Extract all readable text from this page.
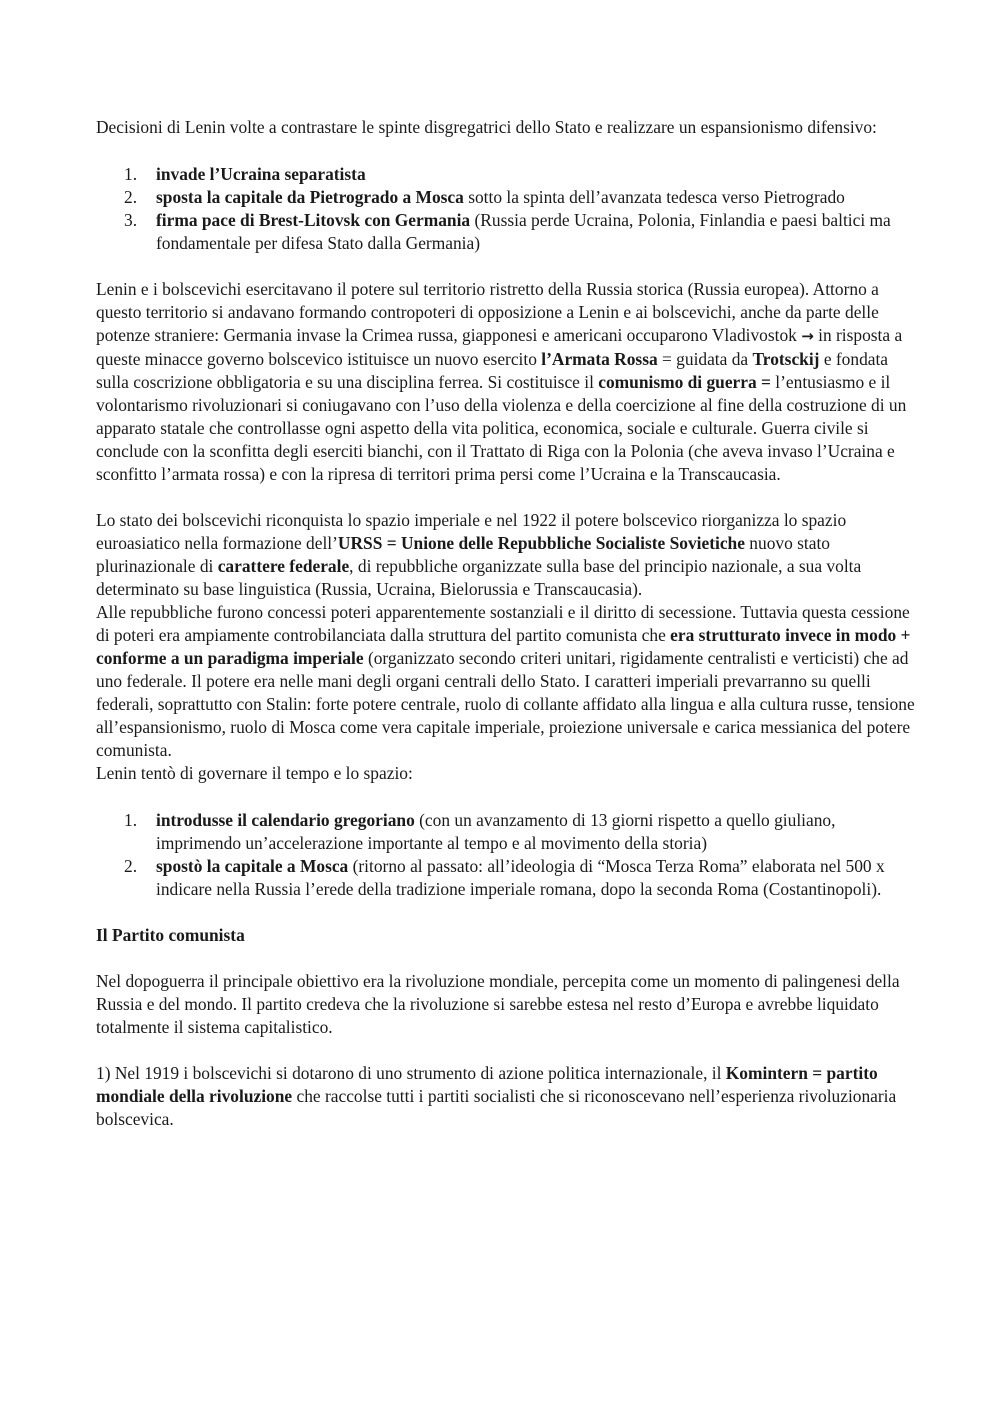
Decisioni di Lenin volte a contrastare le spinte disgregatrici dello Stato e realizzare un espansionismo difensivo:

1. invade l’Ucraina separatista
2. sposta la capitale da Pietrogrado a Mosca sotto la spinta dell’avanzata tedesca verso Pietrogrado
3. firma pace di Brest-Litovsk con Germania (Russia perde Ucraina, Polonia, Finlandia e paesi baltici ma fondamentale per difesa Stato dalla Germania)

Lenin e i bolscevichi esercitavano il potere sul territorio ristretto della Russia storica (Russia europea). Attorno a questo territorio si andavano formando contropoteri di opposizione a Lenin e ai bolscevichi, anche da parte delle potenze straniere: Germania invase la Crimea russa, giapponesi e americani occuparono Vladivostok → in risposta a queste minacce governo bolscevico istituisce un nuovo esercito l’Armata Rossa = guidata da Trotsckij e fondata sulla coscrizione obbligatoria e su una disciplina ferrea. Si costituisce il comunismo di guerra = l’entusiasmo e il volontarismo rivoluzionari si coniugavano con l’uso della violenza e della coercizione al fine della costruzione di un apparato statale che controllasse ogni aspetto della vita politica, economica, sociale e culturale. Guerra civile si conclude con la sconfitta degli eserciti bianchi, con il Trattato di Riga con la Polonia (che aveva invaso l’Ucraina e sconfitto l’armata rossa) e con la ripresa di territori prima persi come l’Ucraina e la Transcaucasia.

Lo stato dei bolscevichi riconquista lo spazio imperiale e nel 1922 il potere bolscevico riorganizza lo spazio euroasiatico nella formazione dell’URSS = Unione delle Repubbliche Socialiste Sovietiche nuovo stato plurinazionale di carattere federale, di repubbliche organizzate sulla base del principio nazionale, a sua volta determinato su base linguistica (Russia, Ucraina, Bielorussia e Transcaucasia).

Alle repubbliche furono concessi poteri apparentemente sostanziali e il diritto di secessione. Tuttavia questa cessione di poteri era ampiamente controbilanciata dalla struttura del partito comunista che era strutturato invece in modo + conforme a un paradigma imperiale (organizzato secondo criteri unitari, rigidamente centralisti e verticisti) che ad uno federale. Il potere era nelle mani degli organi centrali dello Stato. I caratteri imperiali prevarranno su quelli federali, soprattutto con Stalin: forte potere centrale, ruolo di collante affidato alla lingua e alla cultura russe, tensione all’espansionismo, ruolo di Mosca come vera capitale imperiale, proiezione universale e carica messianica del potere comunista.

Lenin tentò di governare il tempo e lo spazio:

1. introdusse il calendario gregoriano (con un avanzamento di 13 giorni rispetto a quello giuliano, imprimendo un’accelerazione importante al tempo e al movimento della storia)
2. spostò la capitale a Mosca (ritorno al passato: all’ideologia di “Mosca Terza Roma” elaborata nel 500 x indicare nella Russia l’erede della tradizione imperiale romana, dopo la seconda Roma (Costantinopoli).

Il Partito comunista

Nel dopoguerra il principale obiettivo era la rivoluzione mondiale, percepita come un momento di palingenesi della Russia e del mondo. Il partito credeva che la rivoluzione si sarebbe estesa nel resto d’Europa e avrebbe liquidato totalmente il sistema capitalistico.

1) Nel 1919 i bolscevichi si dotarono di uno strumento di azione politica internazionale, il Komintern = partito mondiale della rivoluzione che raccolse tutti i partiti socialisti che si riconoscevano nell’esperienza rivoluzionaria bolscevica.
